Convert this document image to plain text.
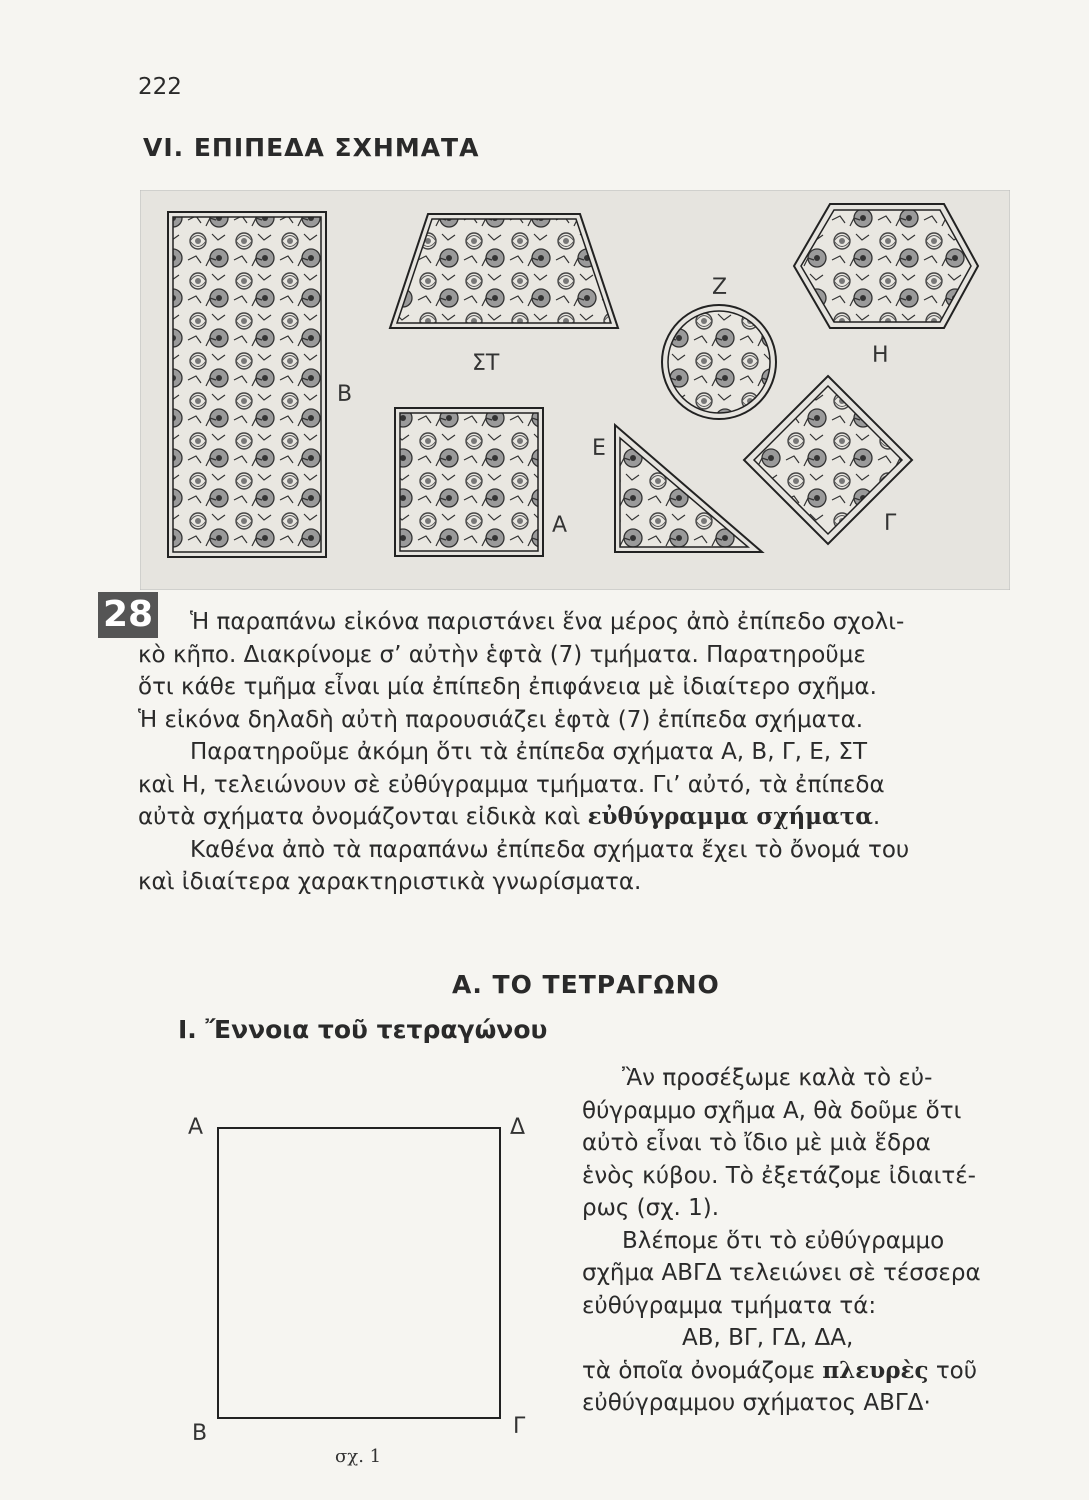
222
VI. ΕΠΙΠΕΔΑ ΣΧΗΜΑΤΑ
Β
ΣΤ
Ζ
Η
Ε
Α	Γ
28	Ἡ παραπάνω εἰκόνα παριστάνει ἕνα μέρος ἀπὸ ἐπίπεδο σχολι-
κὸ κῆπο. Διακρίνομε σ’ αὐτὴν ἑφτὰ (7) τμήματα. Παρατηροῦμε
ὅτι κάθε τμῆμα εἶναι μία ἐπίπεδη ἐπιφάνεια μὲ ἰδιαίτερο σχῆμα.
Ἡ εἰκόνα δηλαδὴ αὐτὴ παρουσιάζει ἑφτὰ (7) ἐπίπεδα σχήματα.
Παρατηροῦμε ἀκόμη ὅτι τὰ ἐπίπεδα σχήματα Α, Β, Γ, Ε, ΣΤ
καὶ Η, τελειώνουν σὲ εὐθύγραμμα τμήματα. Γι’ αὐτό, τὰ ἐπίπεδα
αὐτὰ σχήματα ὀνομάζονται εἰδικὰ καὶ εὐθύγραμμα σχήματα.
Καθένα ἀπὸ τὰ παραπάνω ἐπίπεδα σχήματα ἔχει τὸ ὄνομά του
καὶ ἰδιαίτερα χαρακτηριστικὰ γνωρίσματα.
Α. ΤΟ ΤΕΤΡΑΓΩΝΟ
Ι. Ἔννοια τοῦ τετραγώνου
Α	Δ
Β	Γ
σχ. 1
Ἂν προσέξωμε καλὰ τὸ εὐ-
θύγραμμο σχῆμα Α, θὰ δοῦμε ὅτι
αὐτὸ εἶναι τὸ ἴδιο μὲ μιὰ ἕδρα
ἑνὸς κύβου. Τὸ ἐξετάζομε ἰδιαιτέ-
ρως (σχ. 1).
Βλέπομε ὅτι τὸ εὐθύγραμμο
σχῆμα ΑΒΓΔ τελειώνει σὲ τέσσερα
εὐθύγραμμα τμήματα τά:
ΑΒ, ΒΓ, ΓΔ, ΔΑ,
τὰ ὁποῖα ὀνομάζομε πλευρὲς τοῦ
εὐθύγραμμου σχήματος ΑΒΓΔ·
